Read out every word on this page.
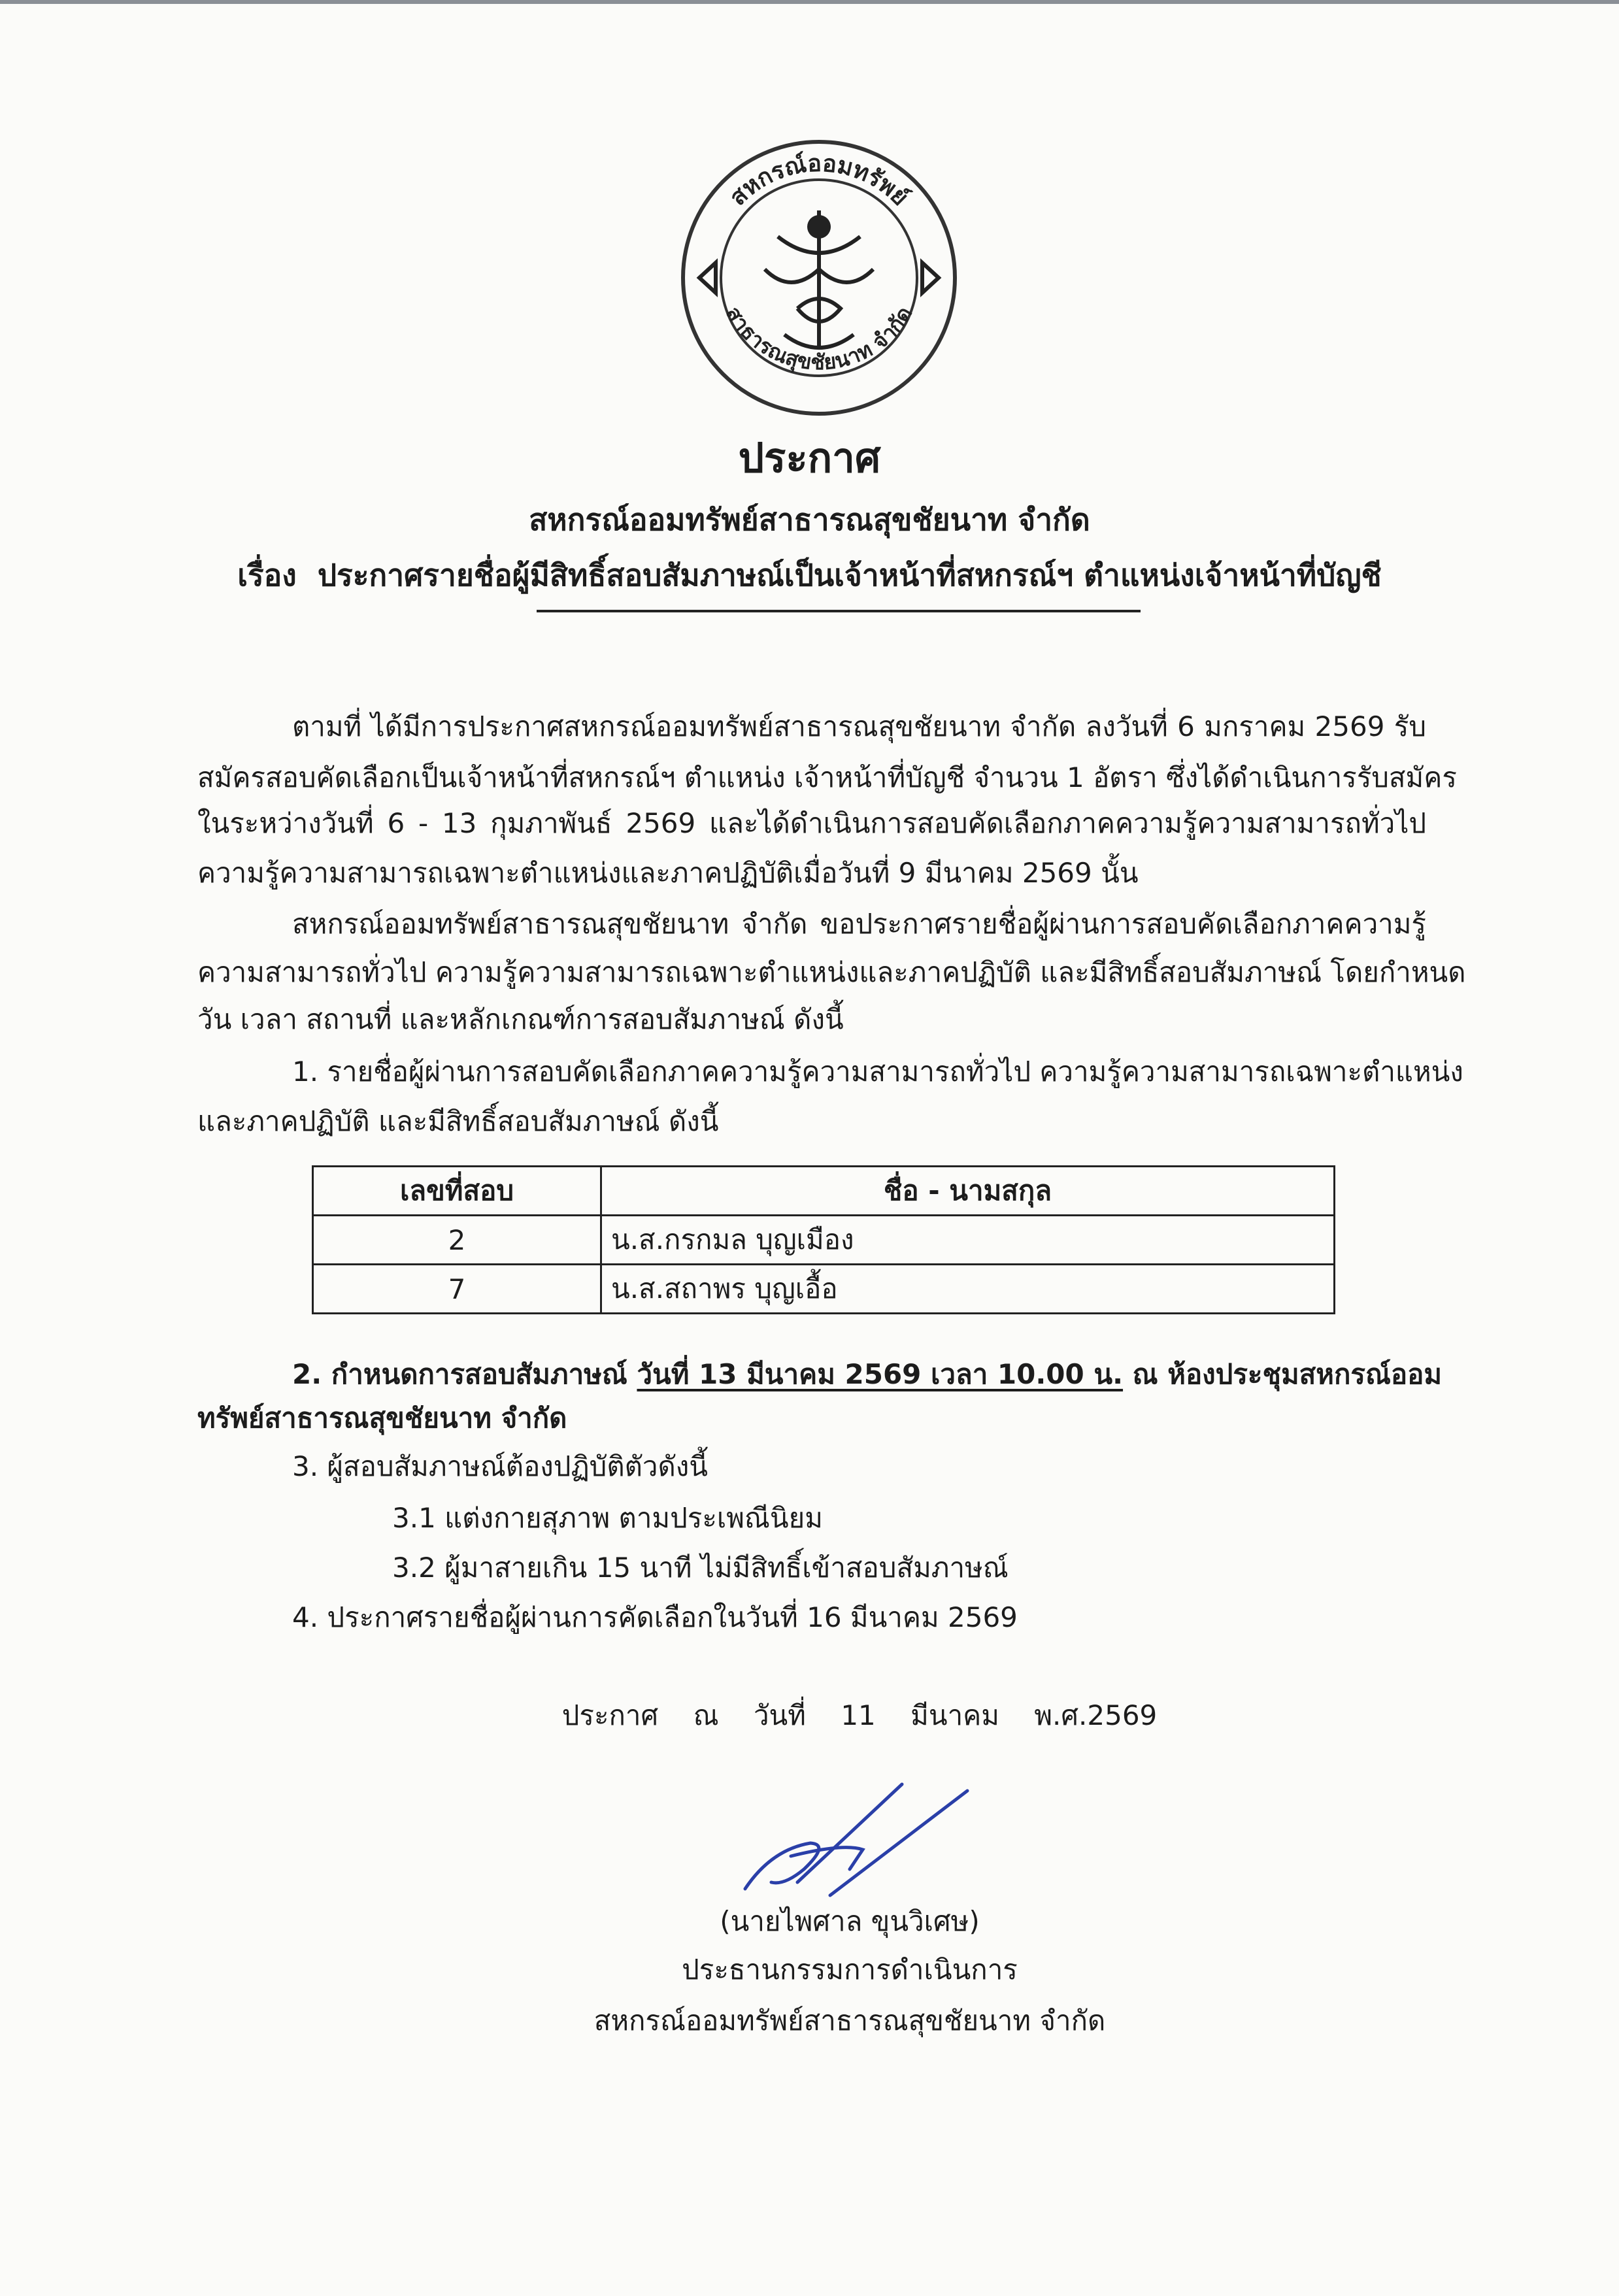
สหกรณ์ออมทรัพย์
สาธารณสุขชัยนาท จำกัด
ประกาศ
สหกรณ์ออมทรัพย์สาธารณสุขชัยนาท จำกัด
เรื่อง ประกาศรายชื่อผู้มีสิทธิ์สอบสัมภาษณ์เป็นเจ้าหน้าที่สหกรณ์ฯ ตำแหน่งเจ้าหน้าที่บัญชี
ตามที่ ได้มีการประกาศสหกรณ์ออมทรัพย์สาธารณสุขชัยนาท จำกัด ลงวันที่ 6 มกราคม 2569 รับ
สมัครสอบคัดเลือกเป็นเจ้าหน้าที่สหกรณ์ฯ ตำแหน่ง เจ้าหน้าที่บัญชี จำนวน 1 อัตรา ซึ่งได้ดำเนินการรับสมัคร
ในระหว่างวันที่ 6 - 13 กุมภาพันธ์ 2569 และได้ดำเนินการสอบคัดเลือกภาคความรู้ความสามารถทั่วไป
ความรู้ความสามารถเฉพาะตำแหน่งและภาคปฏิบัติเมื่อวันที่ 9 มีนาคม 2569 นั้น
สหกรณ์ออมทรัพย์สาธารณสุขชัยนาท จำกัด ขอประกาศรายชื่อผู้ผ่านการสอบคัดเลือกภาคความรู้
ความสามารถทั่วไป ความรู้ความสามารถเฉพาะตำแหน่งและภาคปฏิบัติ และมีสิทธิ์สอบสัมภาษณ์ โดยกำหนด
วัน เวลา สถานที่ และหลักเกณฑ์การสอบสัมภาษณ์ ดังนี้
1. รายชื่อผู้ผ่านการสอบคัดเลือกภาคความรู้ความสามารถทั่วไป ความรู้ความสามารถเฉพาะตำแหน่ง
และภาคปฏิบัติ และมีสิทธิ์สอบสัมภาษณ์ ดังนี้
เลขที่สอบ	ชื่อ - นามสกุล
2	น.ส.กรกมล บุญเมือง
7	น.ส.สถาพร บุญเอื้อ
2. กำหนดการสอบสัมภาษณ์ วันที่ 13 มีนาคม 2569 เวลา 10.00 น. ณ ห้องประชุมสหกรณ์ออม
ทรัพย์สาธารณสุขชัยนาท จำกัด
3. ผู้สอบสัมภาษณ์ต้องปฏิบัติตัวดังนี้
3.1 แต่งกายสุภาพ ตามประเพณีนิยม
3.2 ผู้มาสายเกิน 15 นาที ไม่มีสิทธิ์เข้าสอบสัมภาษณ์
4. ประกาศรายชื่อผู้ผ่านการคัดเลือกในวันที่ 16 มีนาคม 2569
ประกาศ    ณ    วันที่    11    มีนาคม    พ.ศ.2569
(นายไพศาล ขุนวิเศษ)
ประธานกรรมการดำเนินการ
สหกรณ์ออมทรัพย์สาธารณสุขชัยนาท จำกัด
